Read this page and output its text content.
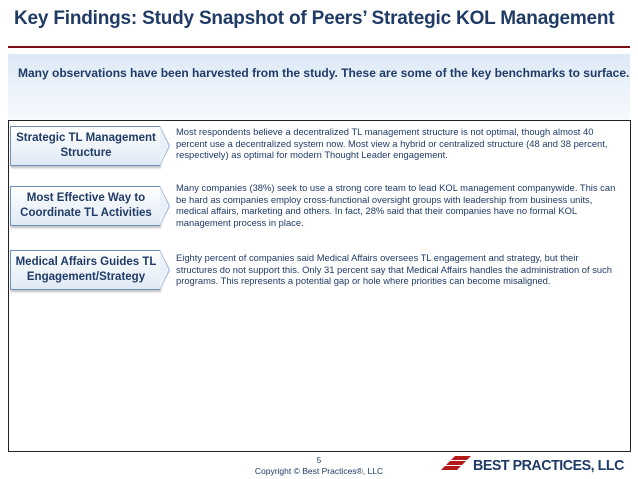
Key Findings: Study Snapshot of Peers’ Strategic KOL Management
Many observations have been harvested from the study. These are some of the key benchmarks to surface.
Strategic TL Management
Structure
Most respondents believe a decentralized TL management structure is not optimal, though almost 40 percent use a decentralized system now. Most view a hybrid or centralized structure (48 and 38 percent, respectively) as optimal for modern Thought Leader engagement.
Most Effective Way to
Coordinate TL Activities
Many companies (38%) seek to use a strong core team to lead KOL management companywide. This can be hard as companies employ cross-functional oversight groups with leadership from business units, medical affairs, marketing and others. In fact, 28% said that their companies have no formal KOL management process in place.
Medical Affairs Guides TL
Engagement/Strategy
Eighty percent of companies said Medical Affairs oversees TL engagement and strategy, but their structures do not support this. Only 31 percent say that Medical Affairs handles the administration of such programs. This represents a potential gap or hole where priorities can become misaligned.
5
Copyright © Best Practices®, LLC	BEST PRACTICES, LLC
